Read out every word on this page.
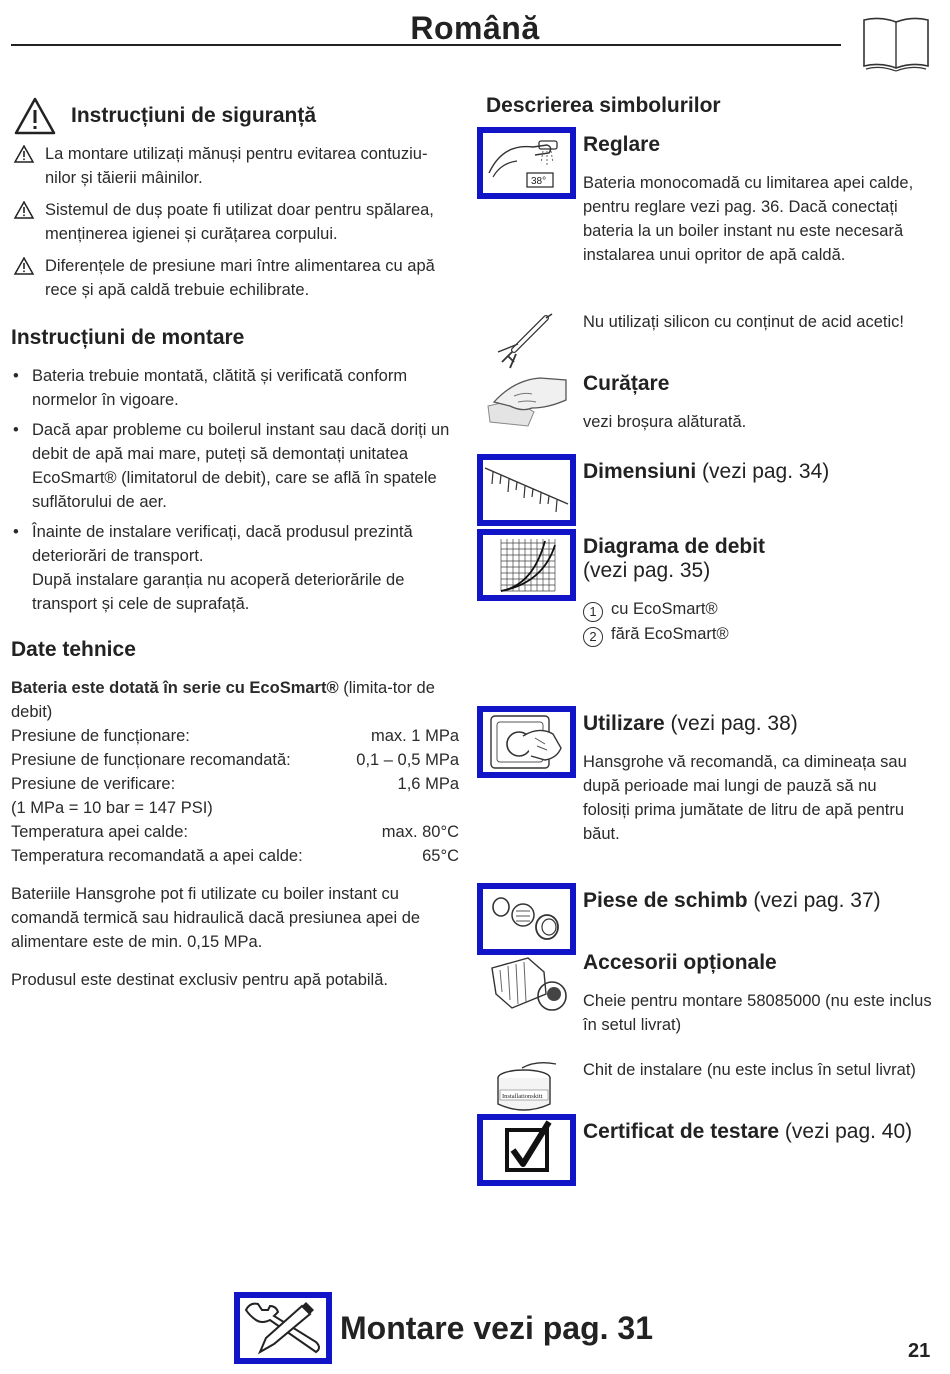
Română
Instrucțiuni de siguranță
La montare utilizați mănuși pentru evitarea contuziu-nilor și tăierii mâinilor.
Sistemul de duș poate fi utilizat doar pentru spălarea, menținerea igienei și curățarea corpului.
Diferențele de presiune mari între alimentarea cu apă rece și apă caldă trebuie echilibrate.
Instrucțiuni de montare
• Bateria trebuie montată, clătită și verificată conform normelor în vigoare.
• Dacă apar probleme cu boilerul instant sau dacă doriți un debit de apă mai mare, puteți să demontați unitatea EcoSmart® (limitatorul de debit), care se află în spatele suflătorului de aer.
• Înainte de instalare verificați, dacă produsul prezintă deteriorări de transport.
După instalare garanția nu acoperă deteriorările de transport și cele de suprafață.
Date tehnice
Bateria este dotată în serie cu EcoSmart® (limita-tor de debit)
Presiune de funcționare:	max. 1 MPa
Presiune de funcționare recomandată:	0,1 – 0,5 MPa
Presiune de verificare:	1,6 MPa
(1 MPa = 10 bar = 147 PSI)
Temperatura apei calde:	max. 80°C
Temperatura recomandată a apei calde:	65°C
Bateriile Hansgrohe pot fi utilizate cu boiler instant cu comandă termică sau hidraulică dacă presiunea apei de alimentare este de min. 0,15 MPa.
Produsul este destinat exclusiv pentru apă potabilă.
Descrierea simbolurilor
38°
Reglare
Bateria monocomadă cu limitarea apei calde, pentru reglare vezi pag. 36. Dacă conectați bateria la un boiler instant nu este necesară instalarea unui opritor de apă caldă.
Nu utilizați silicon cu conținut de acid acetic!
Curățare
vezi broșura alăturată.
Dimensiuni (vezi pag. 34)
Diagrama de debit
(vezi pag. 35)
1 cu EcoSmart®
2 fără EcoSmart®
Utilizare (vezi pag. 38)
Hansgrohe vă recomandă, ca dimineața sau după perioade mai lungi de pauză să nu folosiți prima jumătate de litru de apă pentru băut.
Piese de schimb (vezi pag. 37)
Accesorii opționale
Cheie pentru montare 58085000 (nu este inclus în setul livrat)
Installationskitt
Chit de instalare (nu este inclus în setul livrat)
Certificat de testare (vezi pag. 40)
Montare vezi pag. 31
21
